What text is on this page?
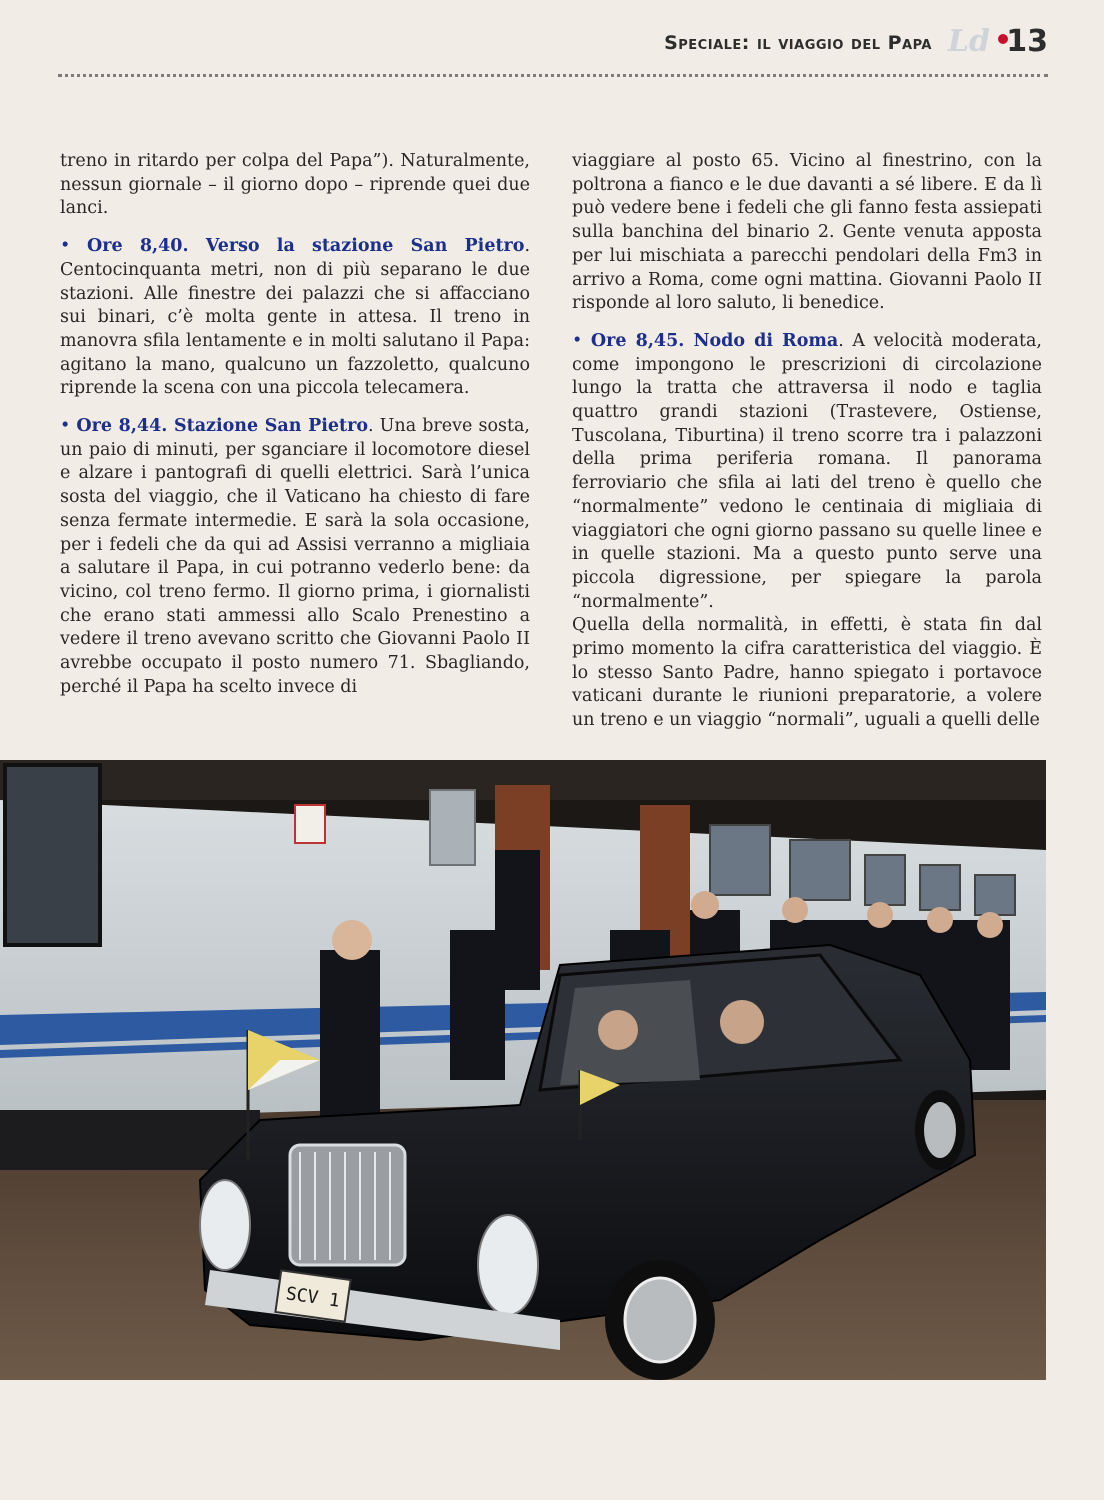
Speciale: il viaggio del Papa Ld 13

treno in ritardo per colpa del Papa”). Naturalmente, nessun giornale – il giorno dopo – riprende quei due lanci.

• Ore 8,40. Verso la stazione San Pietro. Centocinquanta metri, non di più separano le due stazioni. Alle finestre dei palazzi che si affacciano sui binari, c’è molta gente in attesa. Il treno in manovra sfila lentamente e in molti salutano il Papa: agitano la mano, qualcuno un fazzoletto, qualcuno riprende la scena con una piccola telecamera.

• Ore 8,44. Stazione San Pietro. Una breve sosta, un paio di minuti, per sganciare il locomotore diesel e alzare i pantografi di quelli elettrici. Sarà l’unica sosta del viaggio, che il Vaticano ha chiesto di fare senza fermate intermedie. E sarà la sola occasione, per i fedeli che da qui ad Assisi verranno a migliaia a salutare il Papa, in cui potranno vederlo bene: da vicino, col treno fermo. Il giorno prima, i giornalisti che erano stati ammessi allo Scalo Prenestino a vedere il treno avevano scritto che Giovanni Paolo II avrebbe occupato il posto numero 71. Sbagliando, perché il Papa ha scelto invece di

viaggiare al posto 65. Vicino al finestrino, con la poltrona a fianco e le due davanti a sé libere. E da lì può vedere bene i fedeli che gli fanno festa assiepati sulla banchina del binario 2. Gente venuta apposta per lui mischiata a parecchi pendolari della Fm3 in arrivo a Roma, come ogni mattina. Giovanni Paolo II risponde al loro saluto, li benedice.

• Ore 8,45. Nodo di Roma. A velocità moderata, come impongono le prescrizioni di circolazione lungo la tratta che attraversa il nodo e taglia quattro grandi stazioni (Trastevere, Ostiense, Tuscolana, Tiburtina) il treno scorre tra i palazzoni della prima periferia romana. Il panorama ferroviario che sfila ai lati del treno è quello che “normalmente” vedono le centinaia di migliaia di viaggiatori che ogni giorno passano su quelle linee e in quelle stazioni. Ma a questo punto serve una piccola digressione, per spiegare la parola “normalmente”.

Quella della normalità, in effetti, è stata fin dal primo momento la cifra caratteristica del viaggio. È lo stesso Santo Padre, hanno spiegato i portavoce vaticani durante le riunioni preparatorie, a volere un treno e un viaggio “normali”, uguali a quelli delle

SCV 1
